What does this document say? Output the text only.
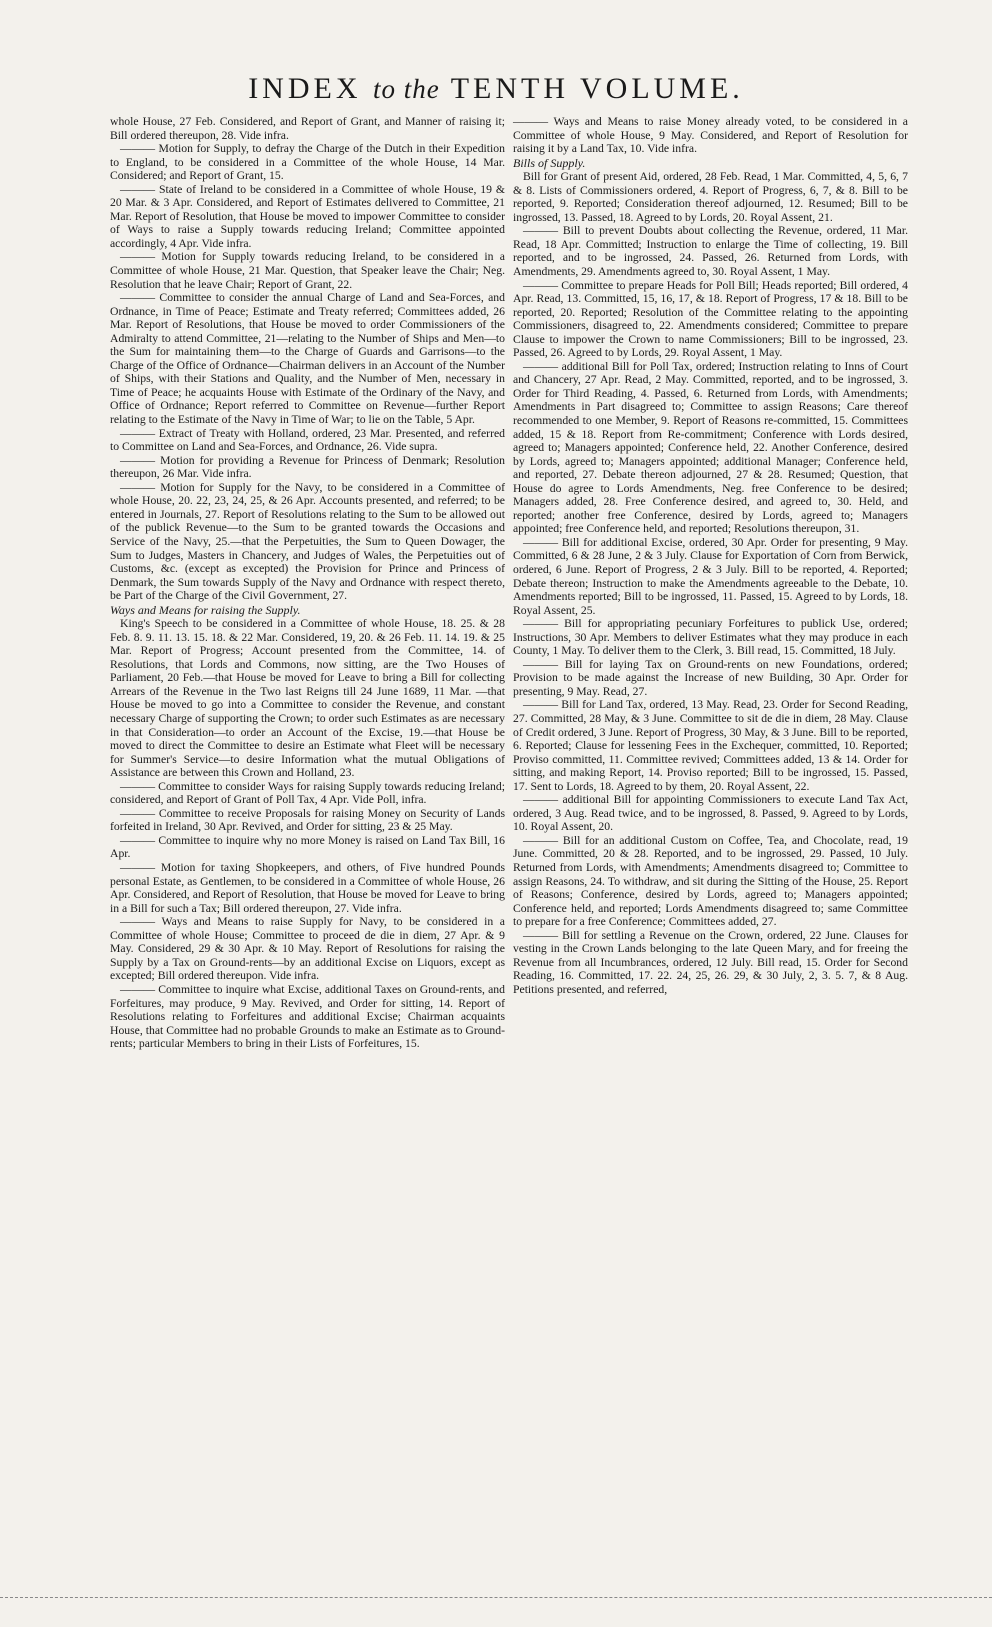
INDEX to the TENTH VOLUME.

whole House, 27 Feb. Considered, and Report of Grant, and Manner of raising it; Bill ordered thereupon, 28. Vide infra.

——— Motion for Supply, to defray the Charge of the Dutch in their Expedition to England, to be considered in a Committee of the whole House, 14 Mar. Considered; and Report of Grant, 15.

——— State of Ireland to be considered in a Committee of whole House, 19 & 20 Mar. & 3 Apr. Considered, and Report of Estimates delivered to Committee, 21 Mar. Report of Resolution, that House be moved to impower Committee to consider of Ways to raise a Supply towards reducing Ireland; Committee appointed accordingly, 4 Apr. Vide infra.

——— Motion for Supply towards reducing Ireland, to be considered in a Committee of whole House, 21 Mar. Question, that Speaker leave the Chair; Neg. Resolution that he leave Chair; Report of Grant, 22.

——— Committee to consider the annual Charge of Land and Sea-Forces, and Ordnance, in Time of Peace; Estimate and Treaty referred; Committees added, 26 Mar. Report of Resolutions, that House be moved to order Commissioners of the Admiralty to attend Committee, 21—relating to the Number of Ships and Men—to the Sum for maintaining them—to the Charge of Guards and Garrisons—to the Charge of the Office of Ordnance—Chairman delivers in an Account of the Number of Ships, with their Stations and Quality, and the Number of Men, necessary in Time of Peace; he acquaints House with Estimate of the Ordinary of the Navy, and Office of Ordnance; Report referred to Committee on Revenue—further Report relating to the Estimate of the Navy in Time of War; to lie on the Table, 5 Apr.

——— Extract of Treaty with Holland, ordered, 23 Mar. Presented, and referred to Committee on Land and Sea-Forces, and Ordnance, 26. Vide supra.

——— Motion for providing a Revenue for Princess of Denmark; Resolution thereupon, 26 Mar. Vide infra.

——— Motion for Supply for the Navy, to be considered in a Committee of whole House, 20. 22, 23, 24, 25, & 26 Apr. Accounts presented, and referred; to be entered in Journals, 27. Report of Resolutions relating to the Sum to be allowed out of the publick Revenue—to the Sum to be granted towards the Occasions and Service of the Navy, 25.—that the Perpetuities, the Sum to Queen Dowager, the Sum to Judges, Masters in Chancery, and Judges of Wales, the Perpetuities out of Customs, &c. (except as excepted) the Provision for Prince and Princess of Denmark, the Sum towards Supply of the Navy and Ordnance with respect thereto, be Part of the Charge of the Civil Government, 27.

Ways and Means for raising the Supply.

King's Speech to be considered in a Committee of whole House, 18. 25. & 28 Feb. 8. 9. 11. 13. 15. 18. & 22 Mar. Considered, 19, 20. & 26 Feb. 11. 14. 19. & 25 Mar. Report of Progress; Account presented from the Committee, 14. of Resolutions, that Lords and Commons, now sitting, are the Two Houses of Parliament, 20 Feb.—that House be moved for Leave to bring a Bill for collecting Arrears of the Revenue in the Two last Reigns till 24 June 1689, 11 Mar. —that House be moved to go into a Committee to consider the Revenue, and constant necessary Charge of supporting the Crown; to order such Estimates as are necessary in that Consideration—to order an Account of the Excise, 19.—that House be moved to direct the Committee to desire an Estimate what Fleet will be necessary for Summer's Service—to desire Information what the mutual Obligations of Assistance are between this Crown and Holland, 23.

——— Committee to consider Ways for raising Supply towards reducing Ireland; considered, and Report of Grant of Poll Tax, 4 Apr. Vide Poll, infra.

——— Committee to receive Proposals for raising Money on Security of Lands forfeited in Ireland, 30 Apr. Revived, and Order for sitting, 23 & 25 May.

——— Committee to inquire why no more Money is raised on Land Tax Bill, 16 Apr.

——— Motion for taxing Shopkeepers, and others, of Five hundred Pounds personal Estate, as Gentlemen, to be considered in a Committee of whole House, 26 Apr. Considered, and Report of Resolution, that House be moved for Leave to bring in a Bill for such a Tax; Bill ordered thereupon, 27. Vide infra.

——— Ways and Means to raise Supply for Navy, to be considered in a Committee of whole House; Committee to proceed de die in diem, 27 Apr. & 9 May. Considered, 29 & 30 Apr. & 10 May. Report of Resolutions for raising the Supply by a Tax on Ground-rents—by an additional Excise on Liquors, except as excepted; Bill ordered thereupon. Vide infra.

——— Committee to inquire what Excise, additional Taxes on Ground-rents, and Forfeitures, may produce, 9 May. Revived, and Order for sitting, 14. Report of Resolutions relating to Forfeitures and additional Excise; Chairman acquaints House, that Committee had no probable Grounds to make an Estimate as to Ground-rents; particular Members to bring in their Lists of Forfeitures, 15.

——— Ways and Means to raise Money already voted, to be considered in a Committee of whole House, 9 May. Considered, and Report of Resolution for raising it by a Land Tax, 10. Vide infra.

Bills of Supply.

Bill for Grant of present Aid, ordered, 28 Feb. Read, 1 Mar. Committed, 4, 5, 6, 7 & 8. Lists of Commissioners ordered, 4. Report of Progress, 6, 7, & 8. Bill to be reported, 9. Reported; Consideration thereof adjourned, 12. Resumed; Bill to be ingrossed, 13. Passed, 18. Agreed to by Lords, 20. Royal Assent, 21.

——— Bill to prevent Doubts about collecting the Revenue, ordered, 11 Mar. Read, 18 Apr. Committed; Instruction to enlarge the Time of collecting, 19. Bill reported, and to be ingrossed, 24. Passed, 26. Returned from Lords, with Amendments, 29. Amendments agreed to, 30. Royal Assent, 1 May.

——— Committee to prepare Heads for Poll Bill; Heads reported; Bill ordered, 4 Apr. Read, 13. Committed, 15, 16, 17, & 18. Report of Progress, 17 & 18. Bill to be reported, 20. Reported; Resolution of the Committee relating to the appointing Commissioners, disagreed to, 22. Amendments considered; Committee to prepare Clause to impower the Crown to name Commissioners; Bill to be ingrossed, 23. Passed, 26. Agreed to by Lords, 29. Royal Assent, 1 May.

——— additional Bill for Poll Tax, ordered; Instruction relating to Inns of Court and Chancery, 27 Apr. Read, 2 May. Committed, reported, and to be ingrossed, 3. Order for Third Reading, 4. Passed, 6. Returned from Lords, with Amendments; Amendments in Part disagreed to; Committee to assign Reasons; Care thereof recommended to one Member, 9. Report of Reasons re-committed, 15. Committees added, 15 & 18. Report from Re-commitment; Conference with Lords desired, agreed to; Managers appointed; Conference held, 22. Another Conference, desired by Lords, agreed to; Managers appointed; additional Manager; Conference held, and reported, 27. Debate thereon adjourned, 27 & 28. Resumed; Question, that House do agree to Lords Amendments, Neg. free Conference to be desired; Managers added, 28. Free Conference desired, and agreed to, 30. Held, and reported; another free Conference, desired by Lords, agreed to; Managers appointed; free Conference held, and reported; Resolutions thereupon, 31.

——— Bill for additional Excise, ordered, 30 Apr. Order for presenting, 9 May. Committed, 6 & 28 June, 2 & 3 July. Clause for Exportation of Corn from Berwick, ordered, 6 June. Report of Progress, 2 & 3 July. Bill to be reported, 4. Reported; Debate thereon; Instruction to make the Amendments agreeable to the Debate, 10. Amendments reported; Bill to be ingrossed, 11. Passed, 15. Agreed to by Lords, 18. Royal Assent, 25.

——— Bill for appropriating pecuniary Forfeitures to publick Use, ordered; Instructions, 30 Apr. Members to deliver Estimates what they may produce in each County, 1 May. To deliver them to the Clerk, 3. Bill read, 15. Committed, 18 July.

——— Bill for laying Tax on Ground-rents on new Foundations, ordered; Provision to be made against the Increase of new Building, 30 Apr. Order for presenting, 9 May. Read, 27.

——— Bill for Land Tax, ordered, 13 May. Read, 23. Order for Second Reading, 27. Committed, 28 May, & 3 June. Committee to sit de die in diem, 28 May. Clause of Credit ordered, 3 June. Report of Progress, 30 May, & 3 June. Bill to be reported, 6. Reported; Clause for lessening Fees in the Exchequer, committed, 10. Reported; Proviso committed, 11. Committee revived; Committees added, 13 & 14. Order for sitting, and making Report, 14. Proviso reported; Bill to be ingrossed, 15. Passed, 17. Sent to Lords, 18. Agreed to by them, 20. Royal Assent, 22.

——— additional Bill for appointing Commissioners to execute Land Tax Act, ordered, 3 Aug. Read twice, and to be ingrossed, 8. Passed, 9. Agreed to by Lords, 10. Royal Assent, 20.

——— Bill for an additional Custom on Coffee, Tea, and Chocolate, read, 19 June. Committed, 20 & 28. Reported, and to be ingrossed, 29. Passed, 10 July. Returned from Lords, with Amendments; Amendments disagreed to; Committee to assign Reasons, 24. To withdraw, and sit during the Sitting of the House, 25. Report of Reasons; Conference, desired by Lords, agreed to; Managers appointed; Conference held, and reported; Lords Amendments disagreed to; same Committee to prepare for a free Conference; Committees added, 27.

——— Bill for settling a Revenue on the Crown, ordered, 22 June. Clauses for vesting in the Crown Lands belonging to the late Queen Mary, and for freeing the Revenue from all Incumbrances, ordered, 12 July. Bill read, 15. Order for Second Reading, 16. Committed, 17. 22. 24, 25, 26. 29, & 30 July, 2, 3. 5. 7, & 8 Aug. Petitions presented, and referred,
